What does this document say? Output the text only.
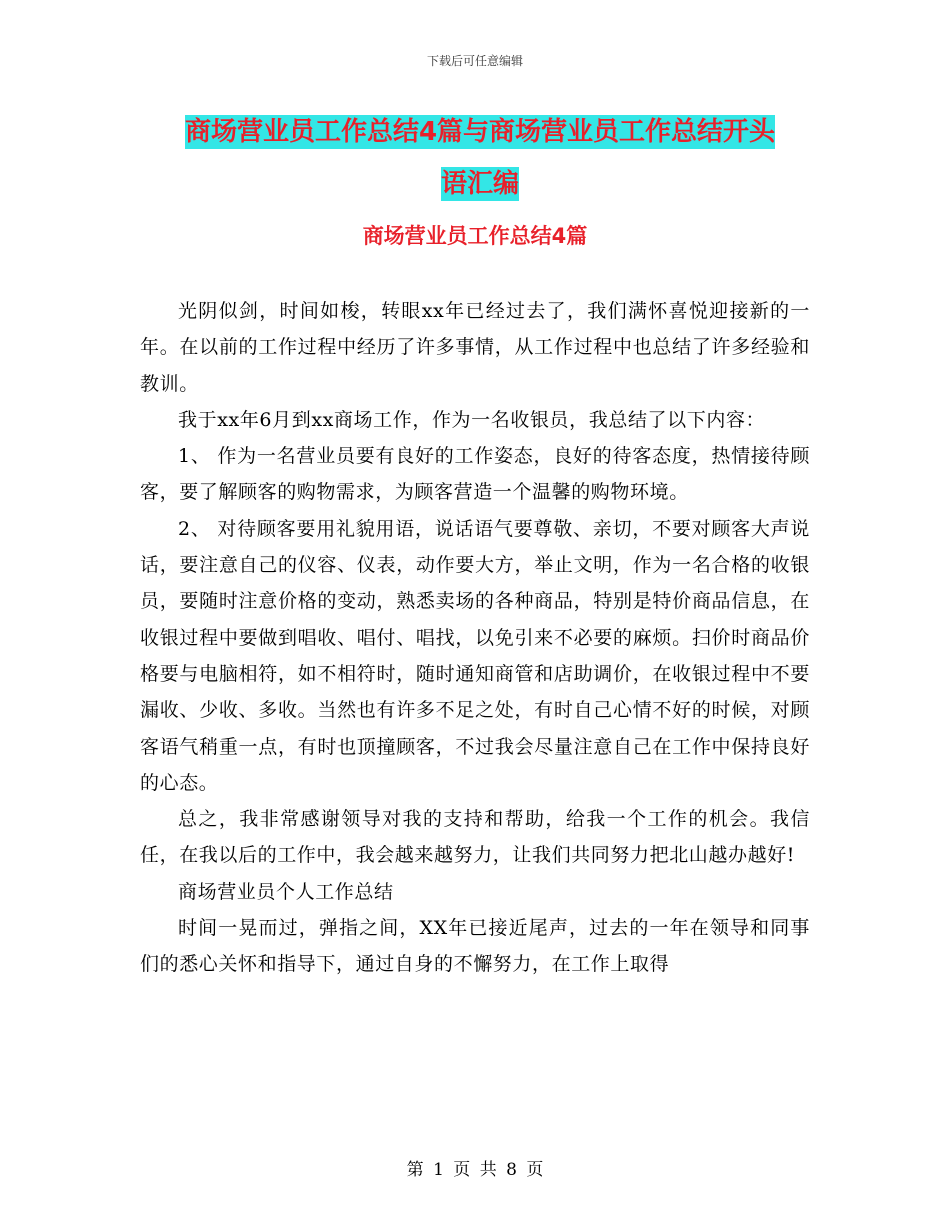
下载后可任意编辑
商场营业员工作总结4篇与商场营业员工作总结开头
语汇编
商场营业员工作总结4篇

光阴似剑，时间如梭，转眼xx年已经过去了，我们满怀喜悦迎接新的一年。在以前的工作过程中经历了许多事情，从工作过程中也总结了许多经验和教训。

我于xx年6月到xx商场工作，作为一名收银员，我总结了以下内容：

1、 作为一名营业员要有良好的工作姿态，良好的待客态度，热情接待顾客，要了解顾客的购物需求，为顾客营造一个温馨的购物环境。

2、 对待顾客要用礼貌用语，说话语气要尊敬、亲切，不要对顾客大声说话，要注意自己的仪容、仪表，动作要大方，举止文明，作为一名合格的收银员，要随时注意价格的变动，熟悉卖场的各种商品，特别是特价商品信息，在收银过程中要做到唱收、唱付、唱找，以免引来不必要的麻烦。扫价时商品价格要与电脑相符，如不相符时，随时通知商管和店助调价，在收银过程中不要漏收、少收、多收。当然也有许多不足之处，有时自己心情不好的时候，对顾客语气稍重一点，有时也顶撞顾客，不过我会尽量注意自己在工作中保持良好的心态。

总之，我非常感谢领导对我的支持和帮助，给我一个工作的机会。我信任，在我以后的工作中，我会越来越努力，让我们共同努力把北山越办越好!

商场营业员个人工作总结

时间一晃而过，弹指之间，XX年已接近尾声，过去的一年在领导和同事们的悉心关怀和指导下，通过自身的不懈努力，在工作上取得

第 1 页 共 8 页
